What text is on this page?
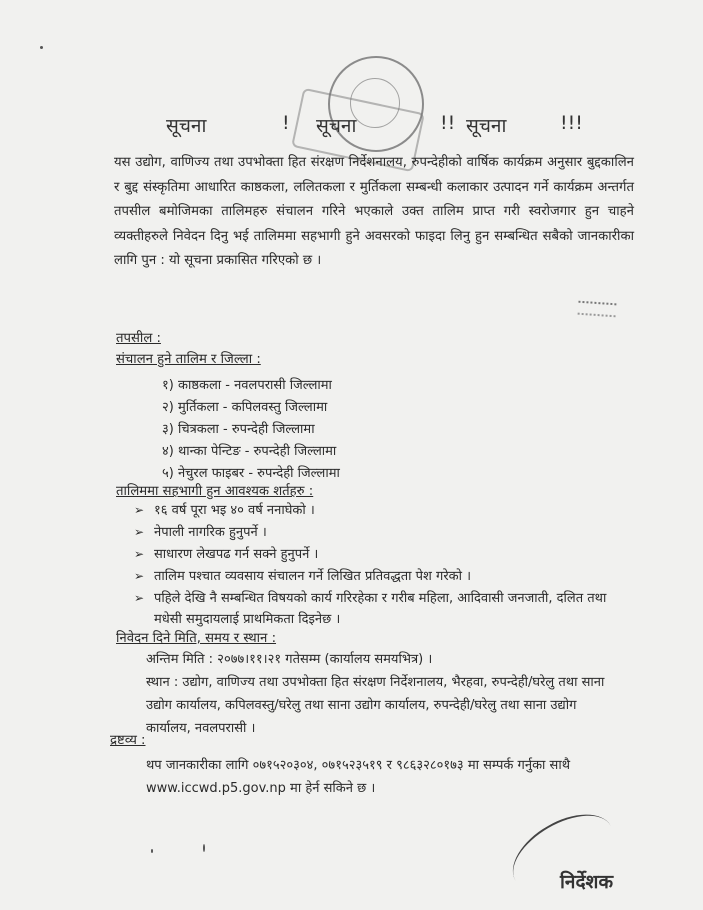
सूचना	! सूचना	!! सूचना	!!!

यस उद्योग, वाणिज्य तथा उपभोक्ता हित संरक्षण निर्देशनालय, रुपन्देहीको वार्षिक कार्यक्रम अनुसार बुद्दकालिन र बुद्द संस्कृतिमा आधारित काष्ठकला, ललितकला र मुर्तिकला सम्बन्धी कलाकार उत्पादन गर्ने कार्यक्रम अन्तर्गत तपसील बमोजिमका तालिमहरु संचालन गरिने भएकाले उक्त तालिम प्राप्त गरी स्वरोजगार हुन चाहने व्यक्तीहरुले निवेदन दिनु भई तालिममा सहभागी हुने अवसरको फाइदा लिनु हुन सम्बन्धित सबैको जानकारीका लागि पुन : यो सूचना प्रकासित गरिएको छ ।

तपसील :
संचालन हुने तालिम र जिल्ला :
१) काष्ठकला - नवलपरासी जिल्लामा
२) मुर्तिकला - कपिलवस्तु जिल्लामा
३) चित्रकला - रुपन्देही जिल्लामा
४) थान्का पेन्टिङ - रुपन्देही जिल्लामा
५) नेचुरल फाइबर - रुपन्देही जिल्लामा
तालिममा सहभागी हुन आवश्यक शर्तहरु :
➢ १६ वर्ष पूरा भइ ४० वर्ष ननाघेको ।
➢ नेपाली नागरिक हुनुपर्ने ।
➢ साधारण लेखपढ गर्न सक्ने हुनुपर्ने ।
➢ तालिम पश्चात व्यवसाय संचालन गर्ने लिखित प्रतिवद्धता पेश गरेको ।
➢ पहिले देखि नै सम्बन्धित विषयको कार्य गरिरहेका र गरीब महिला, आदिवासी जनजाती, दलित तथा मधेसी समुदायलाई प्राथमिकता दिइनेछ ।
निवेदन दिने मिति, समय र स्थान :

अन्तिम मिति : २०७७।११।२१ गतेसम्म (कार्यालय समयभित्र) ।

स्थान : उद्योग, वाणिज्य तथा उपभोक्ता हित संरक्षण निर्देशनालय, भैरहवा, रुपन्देही/घरेलु तथा साना उद्योग कार्यालय, कपिलवस्तु/घरेलु तथा साना उद्योग कार्यालय, रुपन्देही/घरेलु तथा साना उद्योग कार्यालय, नवलपरासी ।

द्रष्टव्य :

थप जानकारीका लागि ०७१५२०३०४, ०७१५२३५१९ र ९८६३२८०१७३ मा सम्पर्क गर्नुका साथै www.iccwd.p5.gov.np मा हेर्न सकिने छ ।

निर्देशक
